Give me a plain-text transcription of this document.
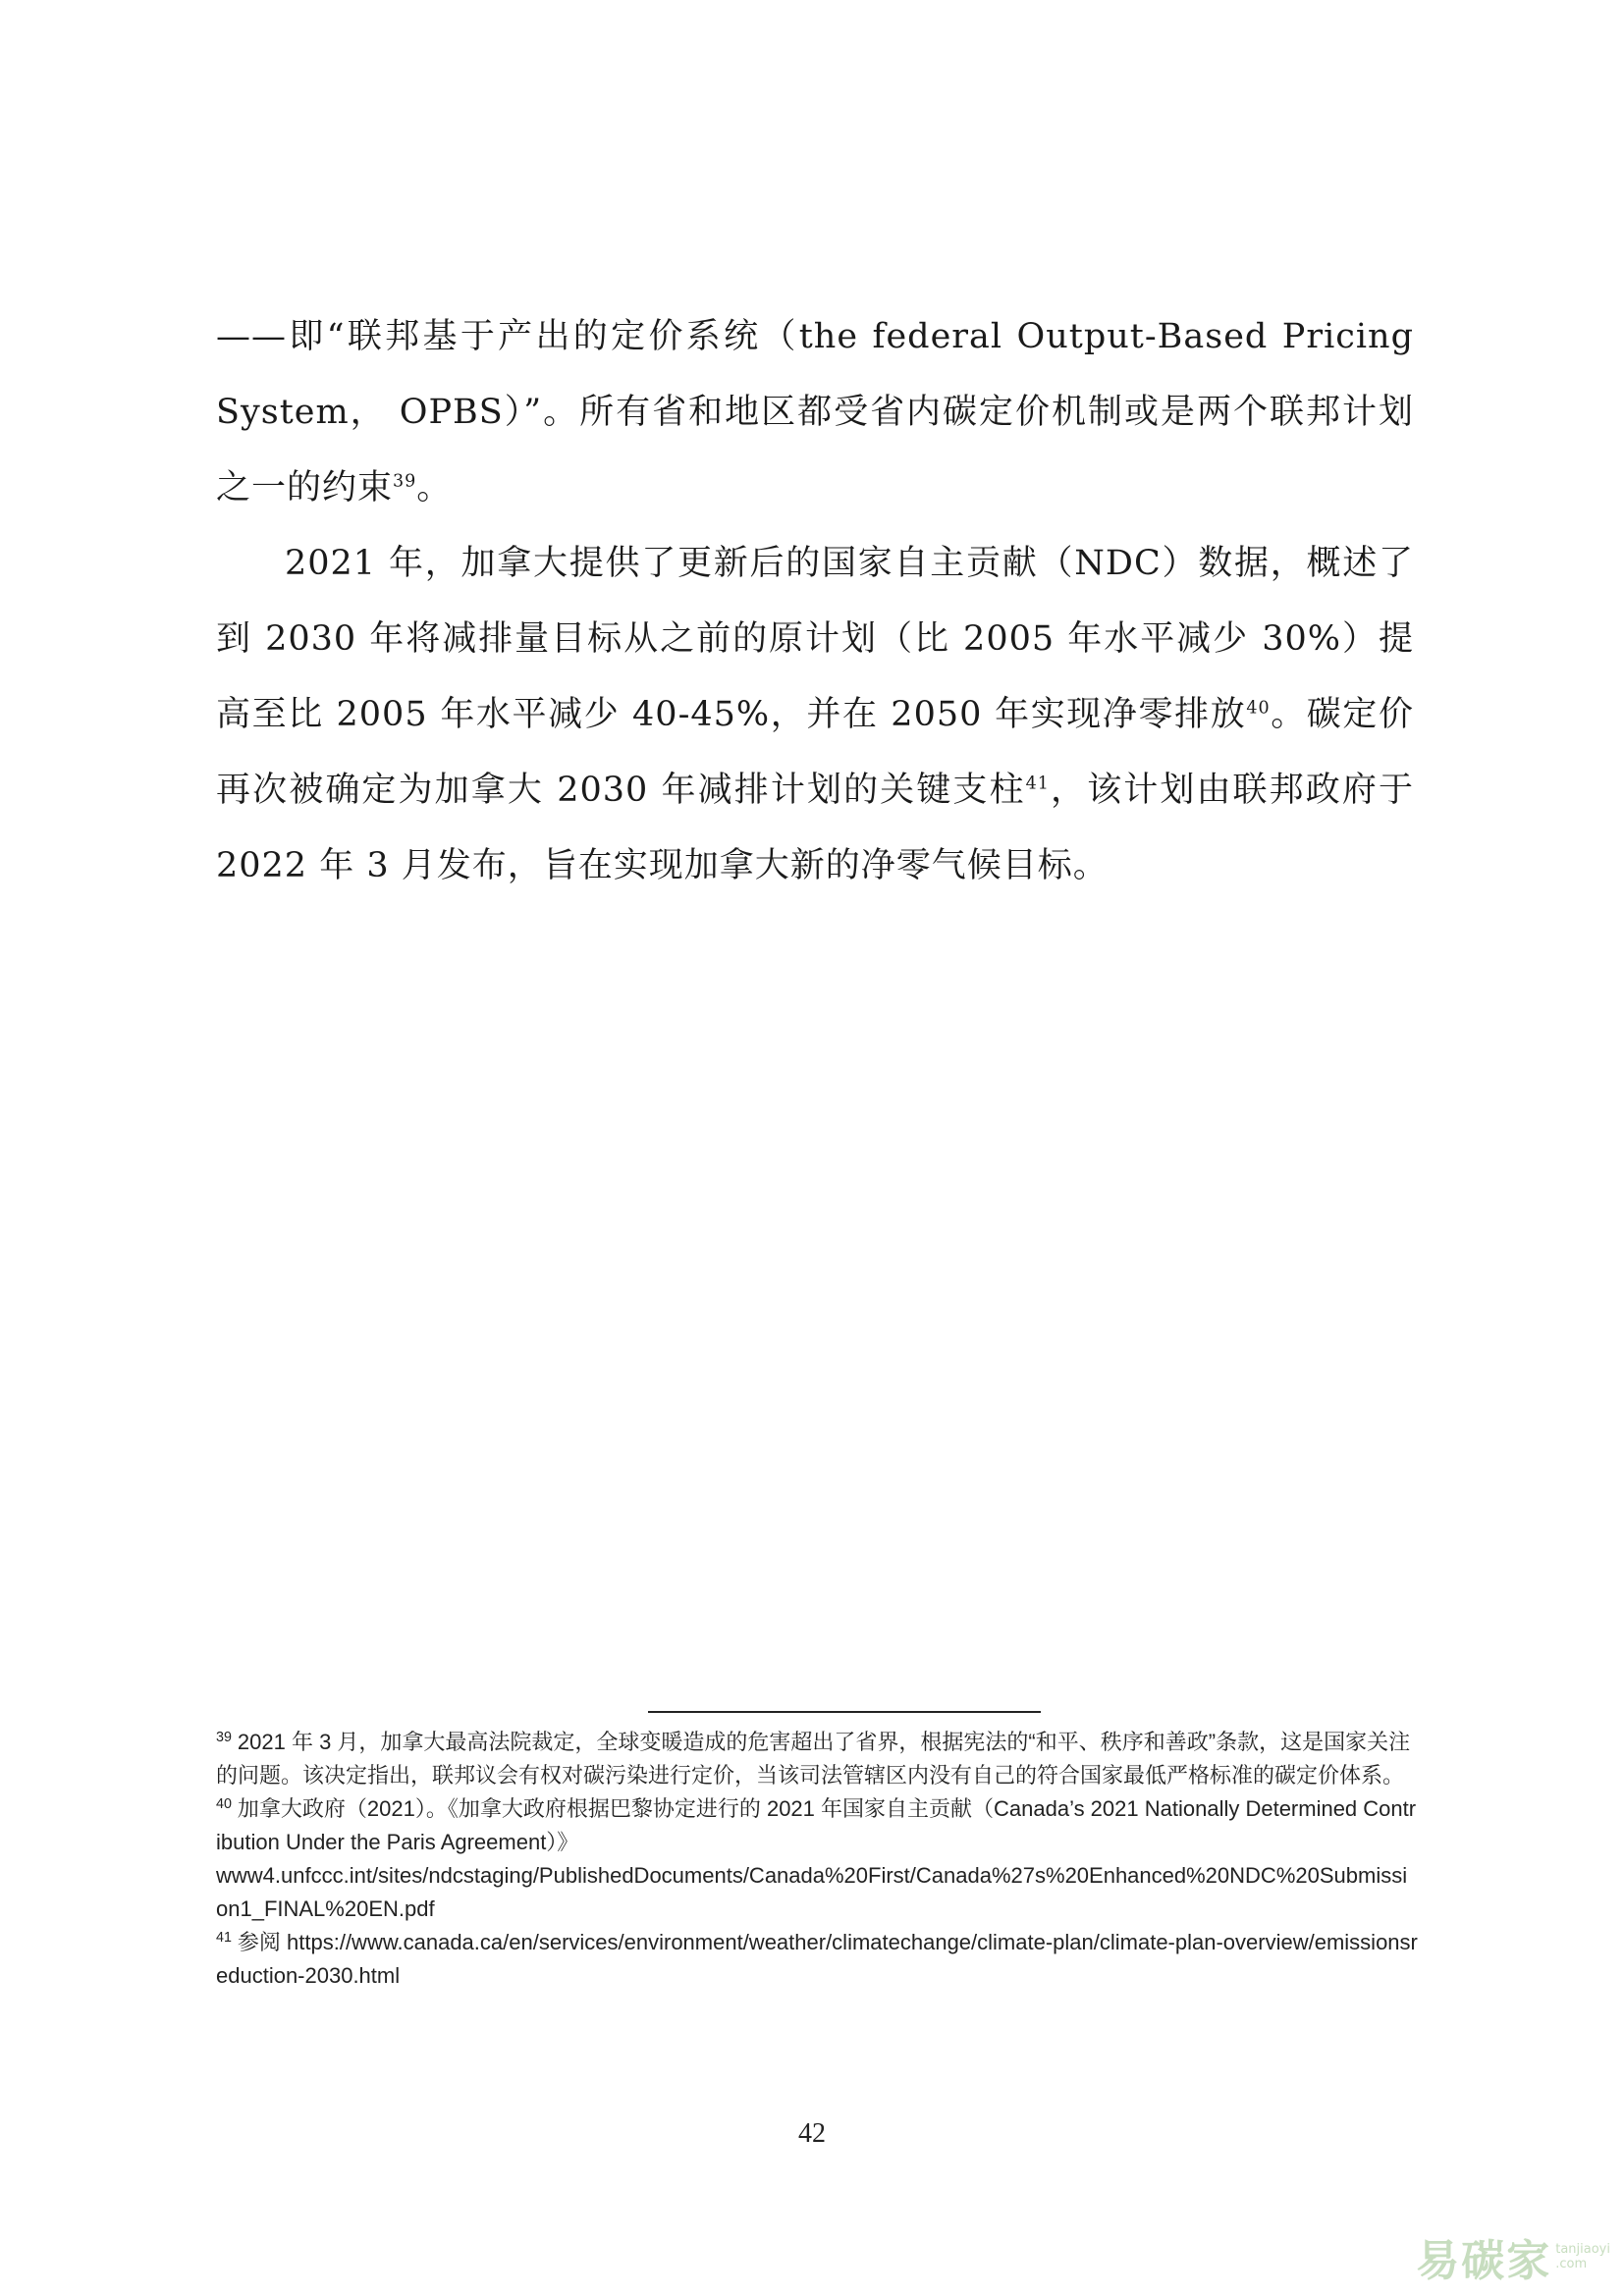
——即“联邦基于产出的定价系统（the federal Output-Based Pricing System， OPBS）”。所有省和地区都受省内碳定价机制或是两个联邦计划之一的约束$^{39}$。

2021 年，加拿大提供了更新后的国家自主贡献（NDC）数据，概述了到 2030 年将减排量目标从之前的原计划（比 2005 年水平减少 30%）提高至比 2005 年水平减少 40-45%，并在 2050 年实现净零排放$^{40}$。碳定价再次被确定为加拿大 2030 年减排计划的关键支柱$^{41}$，该计划由联邦政府于 2022 年 3 月发布，旨在实现加拿大新的净零气候目标。

$^{39}$ 2021 年 3 月，加拿大最高法院裁定，全球变暖造成的危害超出了省界，根据宪法的“和平、秩序和善政”条款，这是国家关注的问题。该决定指出，联邦议会有权对碳污染进行定价，当该司法管辖区内没有自己的符合国家最低严格标准的碳定价体系。

$^{40}$ 加拿大政府（2021）。《加拿大政府根据巴黎协定进行的 2021 年国家自主贡献（Canada’s 2021 Nationally Determined Contribution Under the Paris Agreement）》
www4.unfccc.int/sites/ndcstaging/PublishedDocuments/Canada%20First/Canada%27s%20Enhanced%20NDC%20Submission1_FINAL%20EN.pdf

$^{41}$ 参阅 https://www.canada.ca/en/services/environment/weather/climatechange/climate-plan/climate-plan-overview/emissionsreduction-2030.html

42
易碳家 tanjiaoyi
.com
